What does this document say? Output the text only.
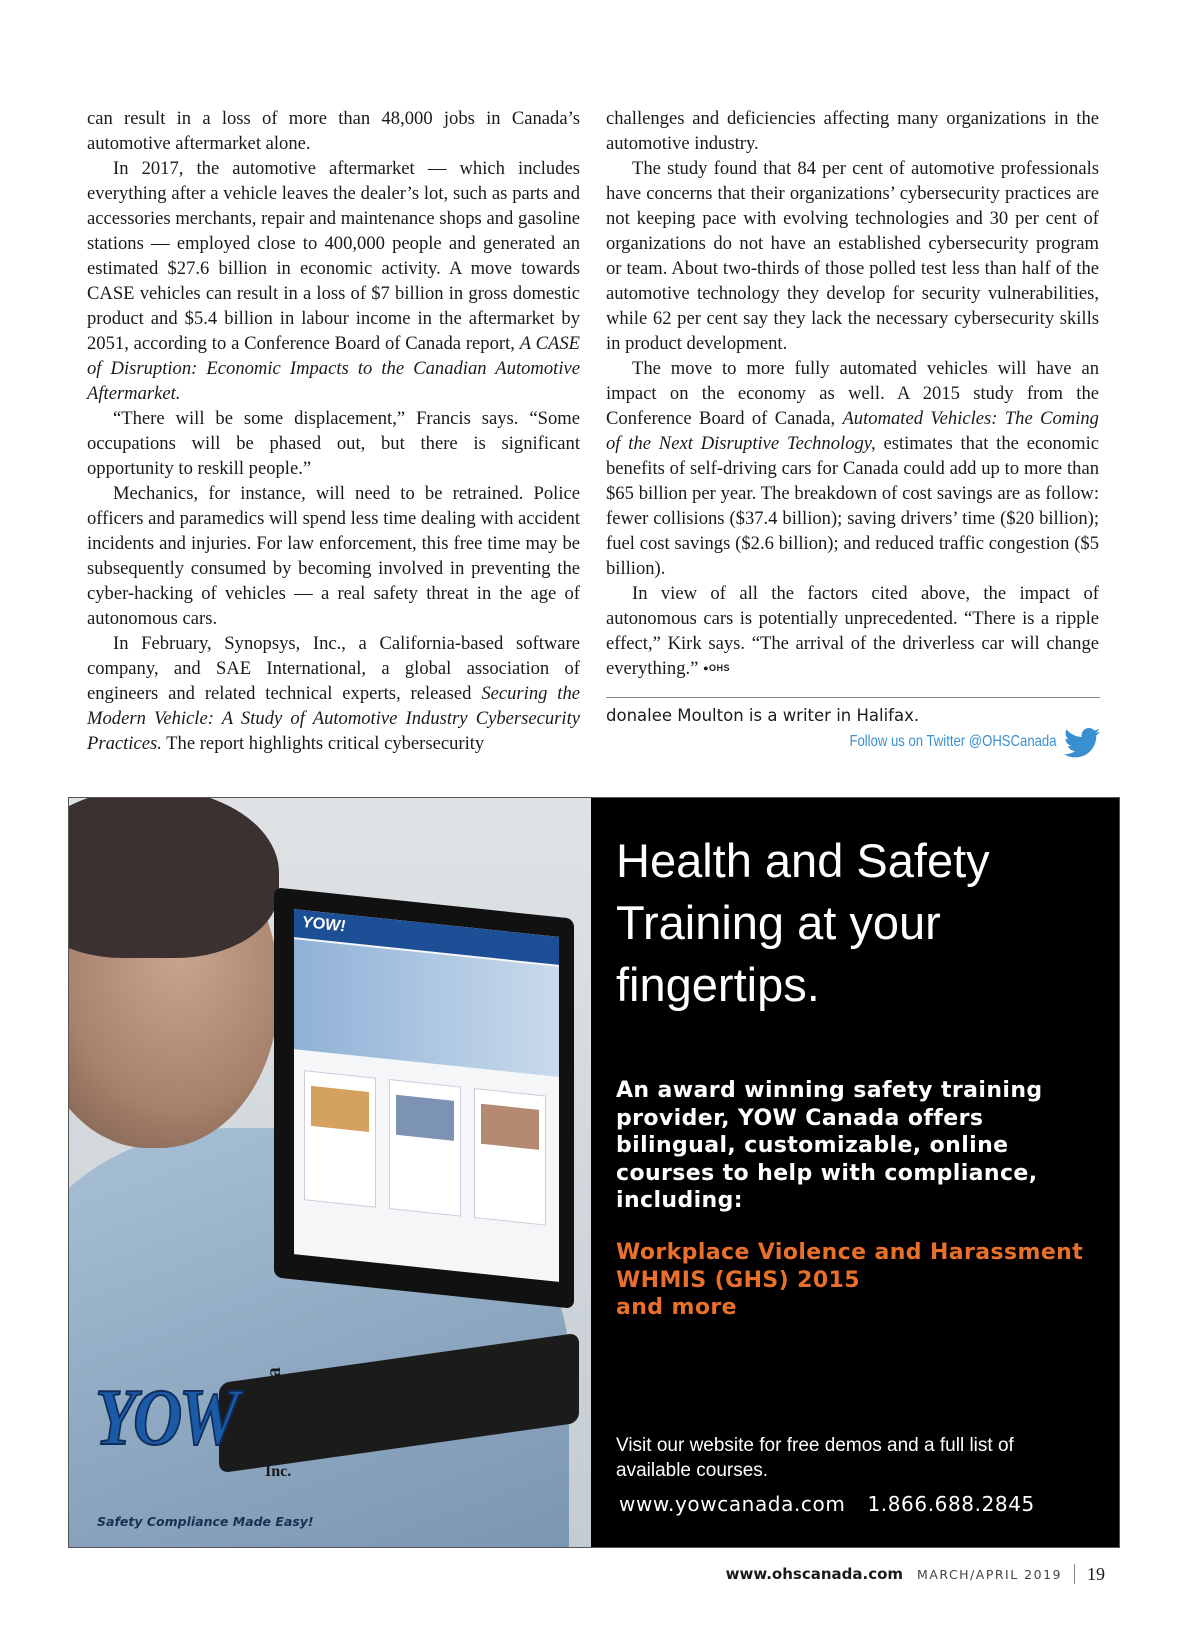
can result in a loss of more than 48,000 jobs in Canada’s automotive aftermarket alone.

In 2017, the automotive aftermarket — which includes everything after a vehicle leaves the dealer’s lot, such as parts and accessories merchants, repair and maintenance shops and gasoline stations — employed close to 400,000 people and generated an estimated $27.6 billion in economic activity. A move towards CASE vehicles can result in a loss of $7 billion in gross domestic product and $5.4 billion in labour income in the aftermarket by 2051, according to a Conference Board of Canada report, A CASE of Disruption: Economic Impacts to the Canadian Automotive Aftermarket.

“There will be some displacement,” Francis says. “Some occupations will be phased out, but there is significant opportunity to reskill people.”

Mechanics, for instance, will need to be retrained. Police officers and paramedics will spend less time dealing with accident incidents and injuries. For law enforcement, this free time may be subsequently consumed by becoming involved in preventing the cyber-hacking of vehicles — a real safety threat in the age of autonomous cars.

In February, Synopsys, Inc., a California-based software company, and SAE International, a global association of engineers and related technical experts, released Securing the Modern Vehicle: A Study of Automotive Industry Cybersecurity Practices. The report highlights critical cybersecurity

challenges and deficiencies affecting many organizations in the automotive industry.

The study found that 84 per cent of automotive professionals have concerns that their organizations’ cybersecurity practices are not keeping pace with evolving technologies and 30 per cent of organizations do not have an established cybersecurity program or team. About two-thirds of those polled test less than half of the automotive technology they develop for security vulnerabilities, while 62 per cent say they lack the necessary cybersecurity skills in product development.

The move to more fully automated vehicles will have an impact on the economy as well. A 2015 study from the Conference Board of Canada, Automated Vehicles: The Coming of the Next Disruptive Technology, estimates that the economic benefits of self-driving cars for Canada could add up to more than $65 billion per year. The breakdown of cost savings are as follow: fewer collisions ($37.4 billion); saving drivers’ time ($20 billion); fuel cost savings ($2.6 billion); and reduced traffic congestion ($5 billion).

In view of all the factors cited above, the impact of autonomous cars is potentially unprecedented. “There is a ripple effect,” Kirk says. “The arrival of the driverless car will change everything.” ●OHS

donalee Moulton is a writer in Halifax.
Follow us on Twitter @OHSCanada
YOW!
YOW Canada ®
Inc.
Safety Compliance Made Easy!
Health and Safety Training at your fingertips.
An award winning safety training provider, YOW Canada offers bilingual, customizable, online courses to help with compliance, including:
Workplace Violence and Harassment
WHMIS (GHS) 2015
and more
Visit our website for free demos and a full list of available courses.
www.yowcanada.com 1.866.688.2845
www.ohscanada.com MARCH/APRIL 2019 19
